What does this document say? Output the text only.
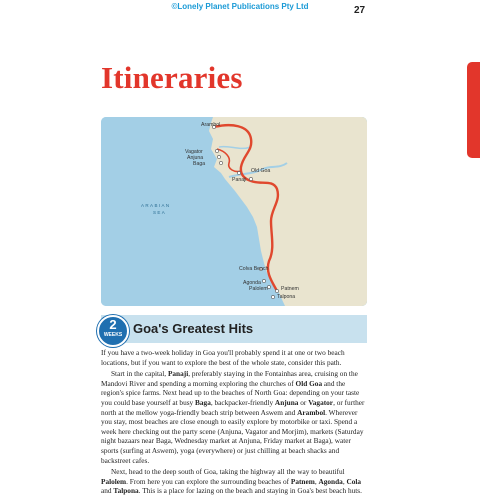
©Lonely Planet Publications Pty Ltd	27
Itineraries
ARABIAN
SEA
Arambol
Vagator
Anjuna
Baga
Panaji
Old Goa
Colva Beach
Agonda
Palolem	Patnem
Talpona
2
WEEKS Goa's Greatest Hits

If you have a two-week holiday in Goa you'll probably spend it at one or two beach locations, but if you want to explore the best of the whole state, consider this path.

Start in the capital, Panaji, preferably staying in the Fontainhas area, cruising on the Mandovi River and spending a morning exploring the churches of Old Goa and the region's spice farms. Next head up to the beaches of North Goa: depending on your taste you could base yourself at busy Baga, backpacker-friendly Anjuna or Vagator, or further north at the mellow yoga-friendly beach strip between Aswem and Arambol. Wherever you stay, most beaches are close enough to easily explore by motorbike or taxi. Spend a week here checking out the party scene (Anjuna, Vagator and Morjim), markets (Saturday night bazaars near Baga, Wednesday market at Anjuna, Friday market at Baga), water sports (surfing at Aswem), yoga (everywhere) or just chilling at beach shacks and backstreet cafes.

Next, head to the deep south of Goa, taking the highway all the way to beautiful Palolem. From here you can explore the surrounding beaches of Patnem, Agonda, Cola and Talpona. This is a place for lazing on the beach and staying in Goa's best beach huts.
